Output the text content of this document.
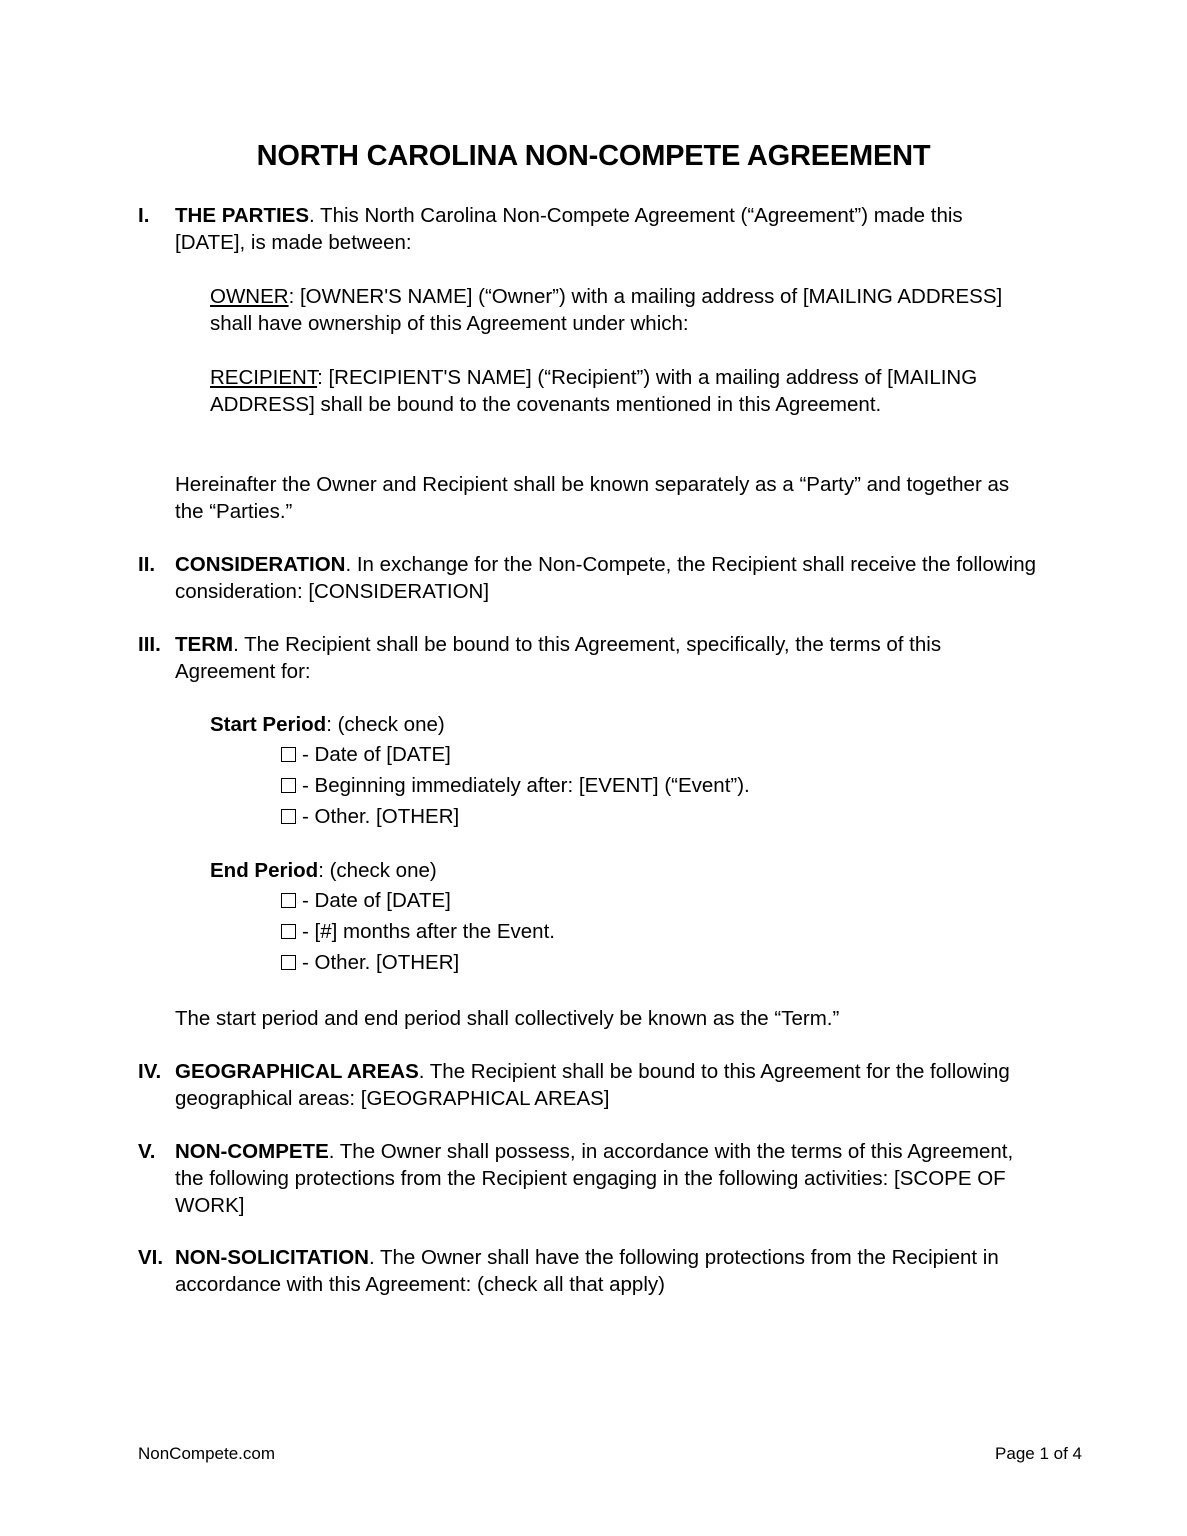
NORTH CAROLINA NON-COMPETE AGREEMENT
I. THE PARTIES. This North Carolina Non-Compete Agreement (“Agreement”) made this [DATE], is made between:
OWNER: [OWNER'S NAME] (“Owner”) with a mailing address of [MAILING ADDRESS] shall have ownership of this Agreement under which:
RECIPIENT: [RECIPIENT'S NAME] (“Recipient”) with a mailing address of [MAILING ADDRESS] shall be bound to the covenants mentioned in this Agreement.
Hereinafter the Owner and Recipient shall be known separately as a “Party” and together as the “Parties.”
II. CONSIDERATION. In exchange for the Non-Compete, the Recipient shall receive the following consideration: [CONSIDERATION]
III. TERM. The Recipient shall be bound to this Agreement, specifically, the terms of this Agreement for:
Start Period: (check one)
- Date of [DATE]
- Beginning immediately after: [EVENT] (“Event”).
- Other. [OTHER]
End Period: (check one)
- Date of [DATE]
- [#] months after the Event.
- Other. [OTHER]
The start period and end period shall collectively be known as the “Term.”
IV. GEOGRAPHICAL AREAS. The Recipient shall be bound to this Agreement for the following geographical areas: [GEOGRAPHICAL AREAS]
V. NON-COMPETE. The Owner shall possess, in accordance with the terms of this Agreement, the following protections from the Recipient engaging in the following activities: [SCOPE OF WORK]
VI. NON-SOLICITATION. The Owner shall have the following protections from the Recipient in accordance with this Agreement: (check all that apply)
NonCompete.com	Page 1 of 4
